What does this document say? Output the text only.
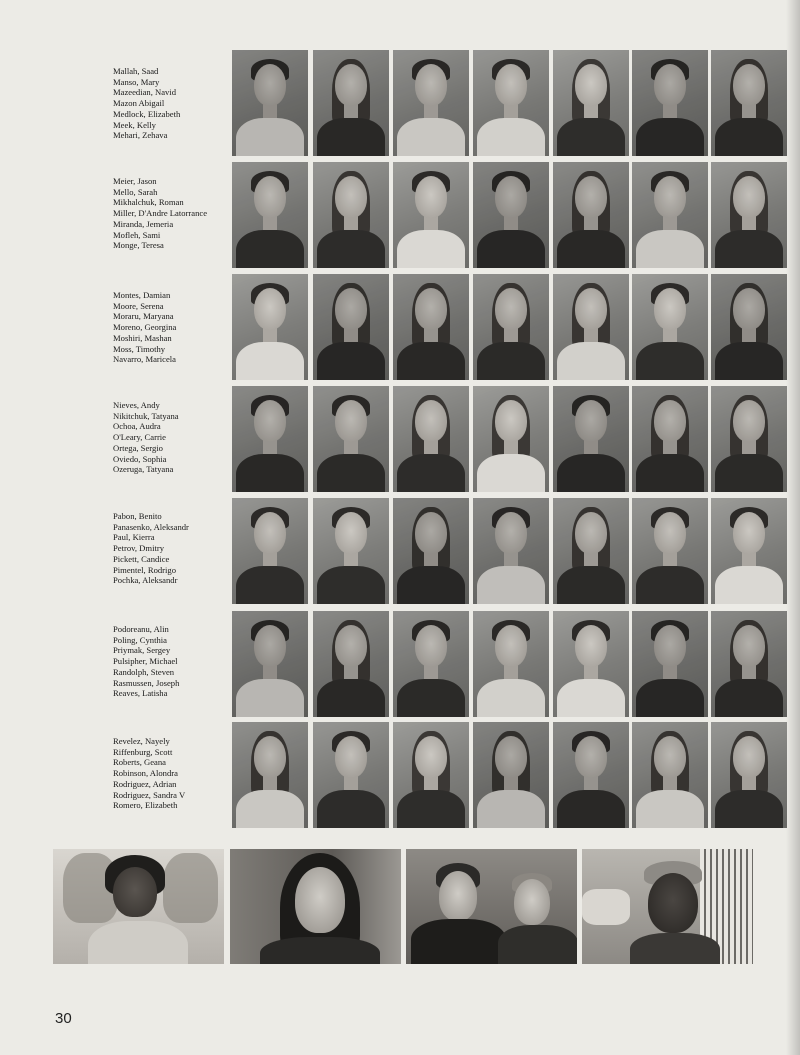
Mallah, Saad
Manso, Mary
Mazeedian, Navid
Mazon Abigail
Medlock, Elizabeth
Meek, Kelly
Mehari, Zehava
Meier, Jason
Mello, Sarah
Mikhalchuk, Roman
Miller, D'Andre Latorrance
Miranda, Jemeria
Mofleh, Sami
Monge, Teresa
Montes, Damian
Moore, Serena
Moraru, Maryana
Moreno, Georgina
Moshiri, Mashan
Moss, Timothy
Navarro, Maricela
Nieves, Andy
Nikitchuk, Tatyana
Ochoa, Audra
O'Leary, Carrie
Ortega, Sergio
Oviedo, Sophia
Ozeruga, Tatyana
Pabon, Benito
Panasenko, Aleksandr
Paul, Kierra
Petrov, Dmitry
Pickett, Candice
Pimentel, Rodrigo
Pochka, Aleksandr
Podoreanu, Alin
Poling, Cynthia
Priymak, Sergey
Pulsipher, Michael
Randolph, Steven
Rasmussen, Joseph
Reaves, Latisha
Revelez, Nayely
Riffenburg, Scott
Roberts, Geana
Robinson, Alondra
Rodriguez, Adrian
Rodriguez, Sandra V
Romero, Elizabeth
30
